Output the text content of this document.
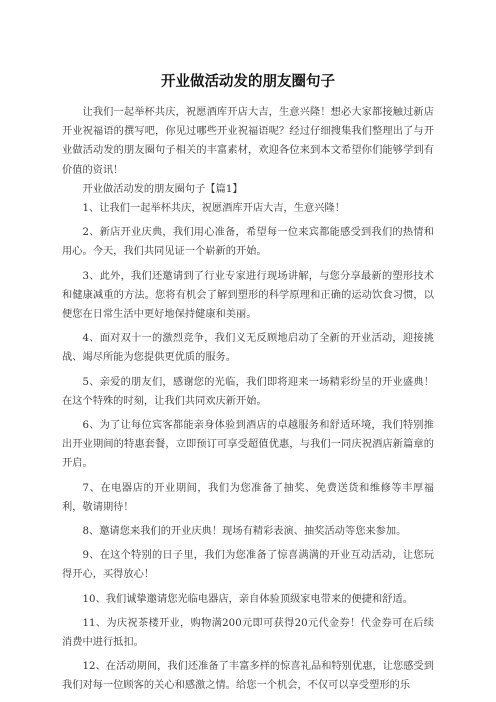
开业做活动发的朋友圈句子

让我们一起举杯共庆，祝愿酒库开店大吉，生意兴隆！想必大家都接触过新店开业祝福语的撰写吧，你见过哪些开业祝福语呢？经过仔细搜集我们整理出了与开业做活动发的朋友圈句子相关的丰富素材，欢迎各位来到本文希望你们能够学到有价值的资讯！

开业做活动发的朋友圈句子【篇1】

1、让我们一起举杯共庆，祝愿酒库开店大吉，生意兴隆！

2、新店开业庆典，我们用心准备，希望每一位来宾都能感受到我们的热情和用心。今天，我们共同见证一个崭新的开始。

3、此外，我们还邀请到了行业专家进行现场讲解，与您分享最新的塑形技术和健康减重的方法。您将有机会了解到塑形的科学原理和正确的运动饮食习惯，以便您在日常生活中更好地保持健康和美丽。

4、面对双十一的激烈竞争，我们义无反顾地启动了全新的开业活动，迎接挑战、竭尽所能为您提供更优质的服务。

5、亲爱的朋友们，感谢您的光临，我们即将迎来一场精彩纷呈的开业盛典！在这个特殊的时刻，让我们共同欢庆新开始。

6、为了让每位宾客都能亲身体验到酒店的卓越服务和舒适环境，我们特别推出开业期间的特惠套餐，立即预订可享受超值优惠，与我们一同庆祝酒店新篇章的开启。

7、在电器店的开业期间，我们为您准备了抽奖、免费送货和维修等丰厚福利，敬请期待！

8、邀请您来我们的开业庆典！现场有精彩表演、抽奖活动等您来参加。

9、在这个特别的日子里，我们为您准备了惊喜满满的开业互动活动，让您玩得开心，买得放心！

10、我们诚挚邀请您光临电器店，亲自体验顶级家电带来的便捷和舒适。

11、为庆祝茶楼开业，购物满200元即可获得20元代金券！代金券可在后续消费中进行抵扣。

12、在活动期间，我们还准备了丰富多样的惊喜礼品和特别优惠，让您感受到我们对每一位顾客的关心和感激之情。给您一个机会，不仅可以享受塑形的乐
